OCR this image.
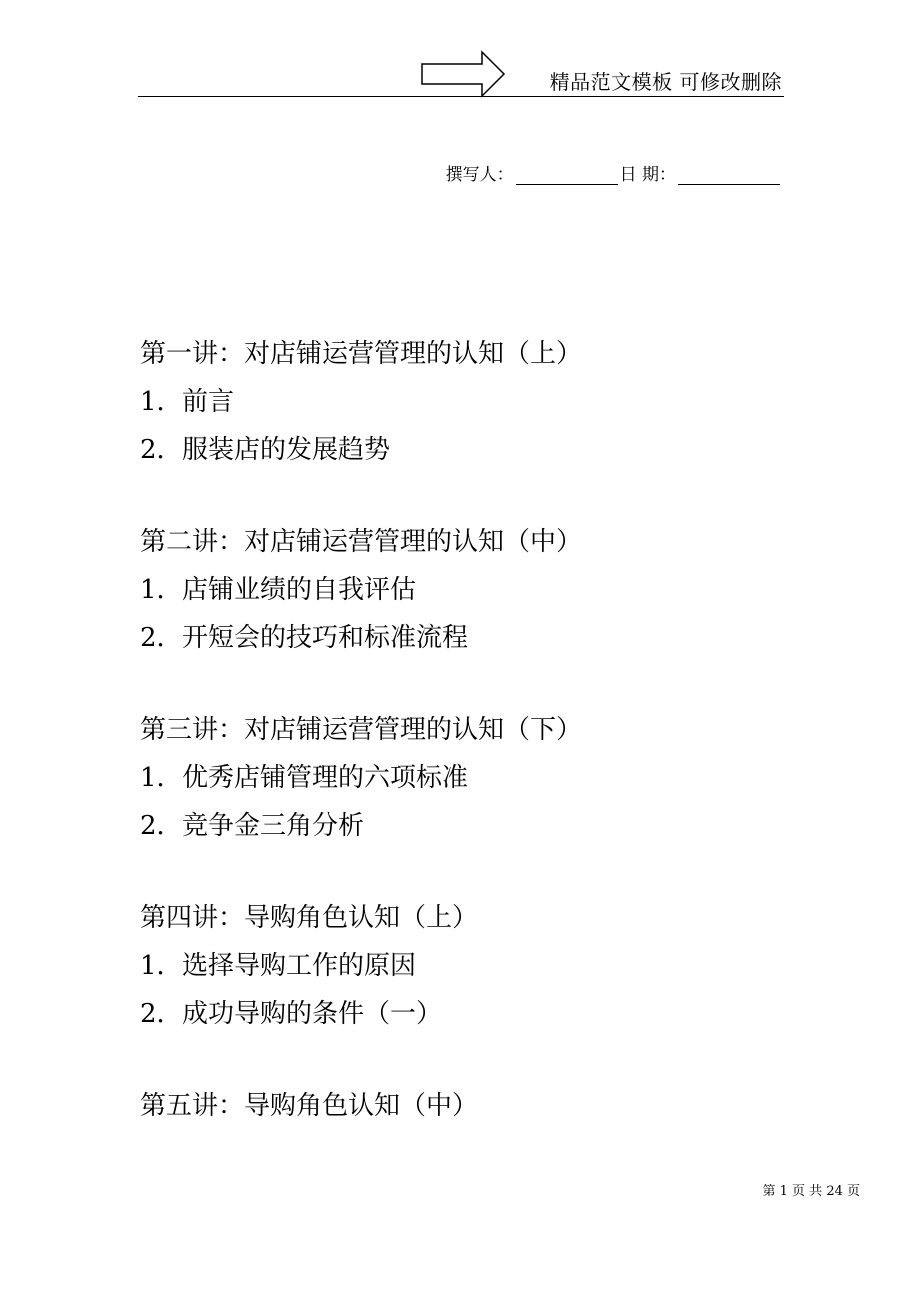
精品范文模板 可修改删除
撰写人：	日 期：
第一讲：对店铺运营管理的认知（上）
1．前言
2．服装店的发展趋势
第二讲：对店铺运营管理的认知（中）
1．店铺业绩的自我评估
2．开短会的技巧和标准流程
第三讲：对店铺运营管理的认知（下）
1．优秀店铺管理的六项标准
2．竞争金三角分析
第四讲：导购角色认知（上）
1．选择导购工作的原因
2．成功导购的条件（一）
第五讲：导购角色认知（中）
第 1 页 共 24 页
